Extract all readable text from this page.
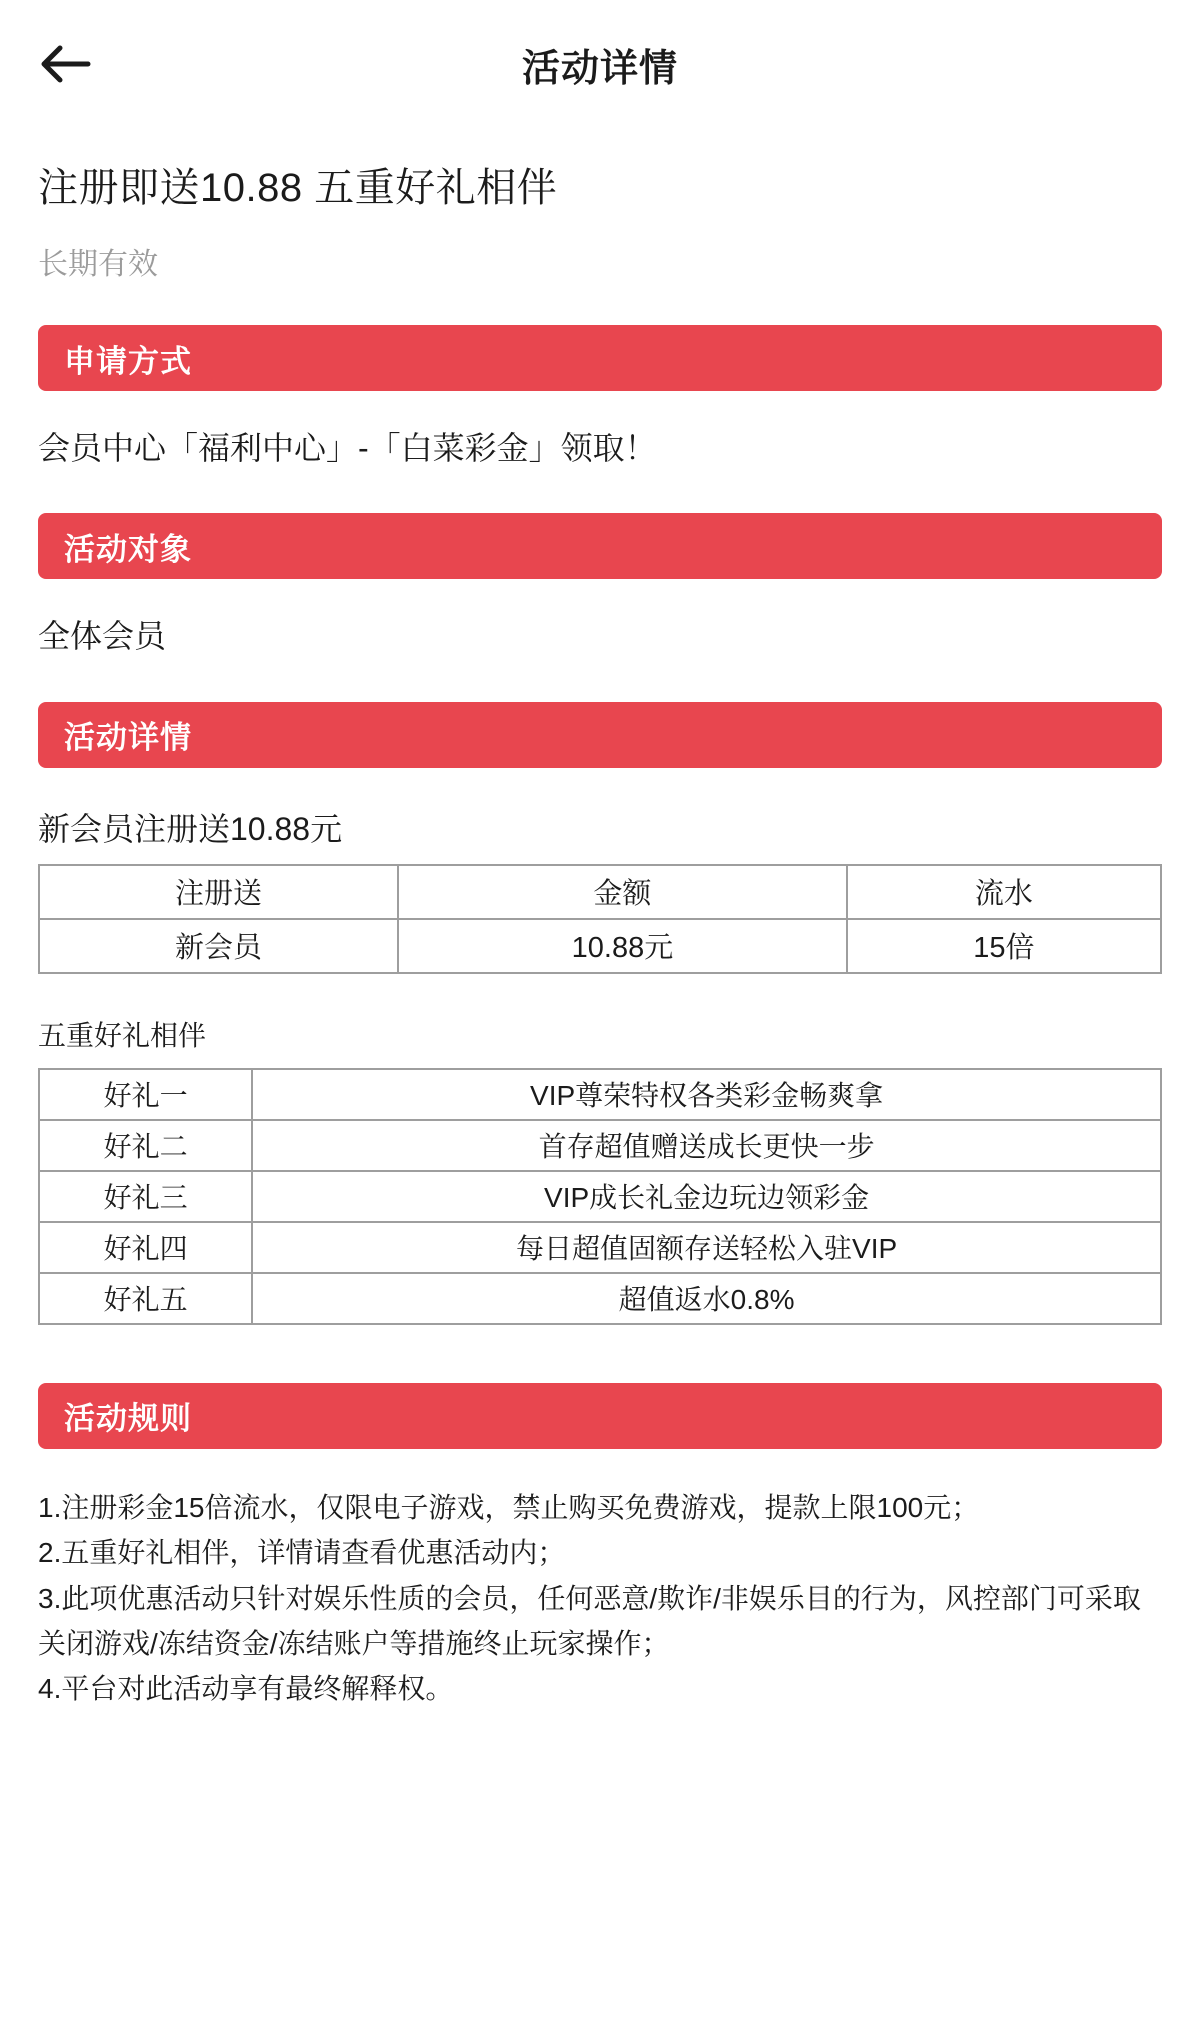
活动详情
注册即送10.88 五重好礼相伴
长期有效
申请方式
会员中心「福利中心」-「白菜彩金」领取！
活动对象
全体会员
活动详情
新会员注册送10.88元
注册送	金额	流水
新会员	10.88元	15倍
五重好礼相伴
好礼一	VIP尊荣特权各类彩金畅爽拿
好礼二	首存超值赠送成长更快一步
好礼三	VIP成长礼金边玩边领彩金
好礼四	每日超值固额存送轻松入驻VIP
好礼五	超值返水0.8%
活动规则
1.注册彩金15倍流水，仅限电子游戏，禁止购买免费游戏，提款上限100元；
2.五重好礼相伴，详情请查看优惠活动内；
3.此项优惠活动只针对娱乐性质的会员，任何恶意/欺诈/非娱乐目的行为，风控部门可采取关闭游戏/冻结资金/冻结账户等措施终止玩家操作；
4.平台对此活动享有最终解释权。
